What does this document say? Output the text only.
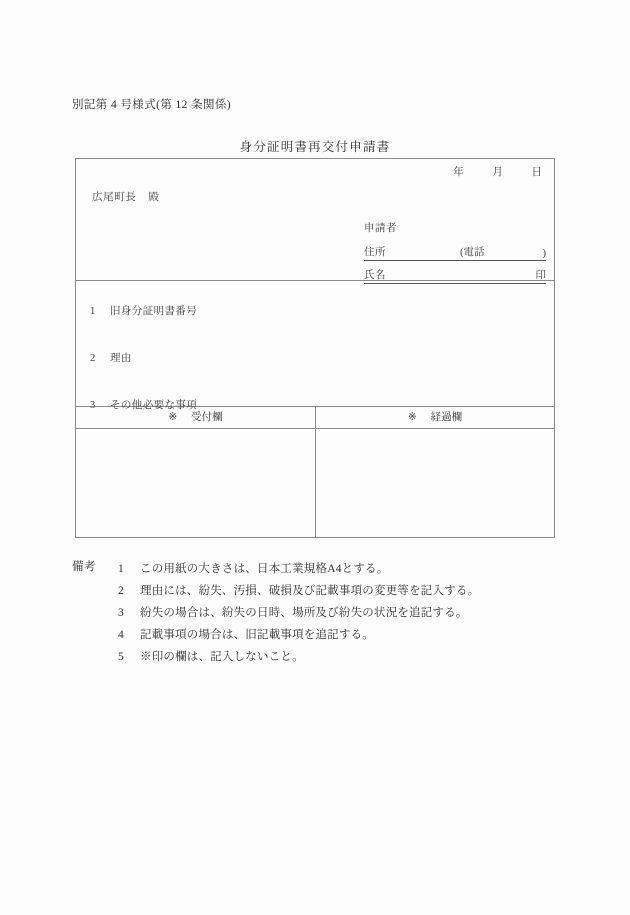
別記第 4 号様式(第 12 条関係)
身分証明書再交付申請書
年	月	日
広尾町長 殿
申請者
住所	(電話	)
氏名	印
1 旧身分証明書番号
2 理由
3 その他必要な事項
※ 受付欄	※ 経過欄
備考 1 この用紙の大きさは、日本工業規格A4とする。
2 理由には、紛失、汚損、破損及び記載事項の変更等を記入する。
3 紛失の場合は、紛失の日時、場所及び紛失の状況を追記する。
4 記載事項の場合は、旧記載事項を追記する。
5 ※印の欄は、記入しないこと。
